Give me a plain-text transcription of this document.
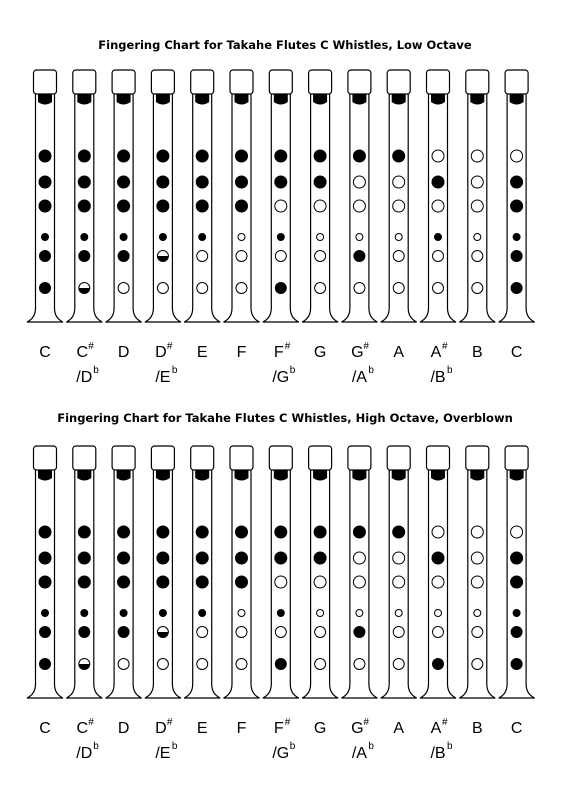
Fingering Chart for Takahe Flutes C Whistles, Low Octave
C C #
/D b
D D #
/E b
E F F #
/G b
G G #
/A b
A A #
/B b
B C
Fingering Chart for Takahe Flutes C Whistles, High Octave, Overblown
C C #
/D b
D D #
/E b
E F F #
/G b
G G #
/A b
A A #
/B b
B C
